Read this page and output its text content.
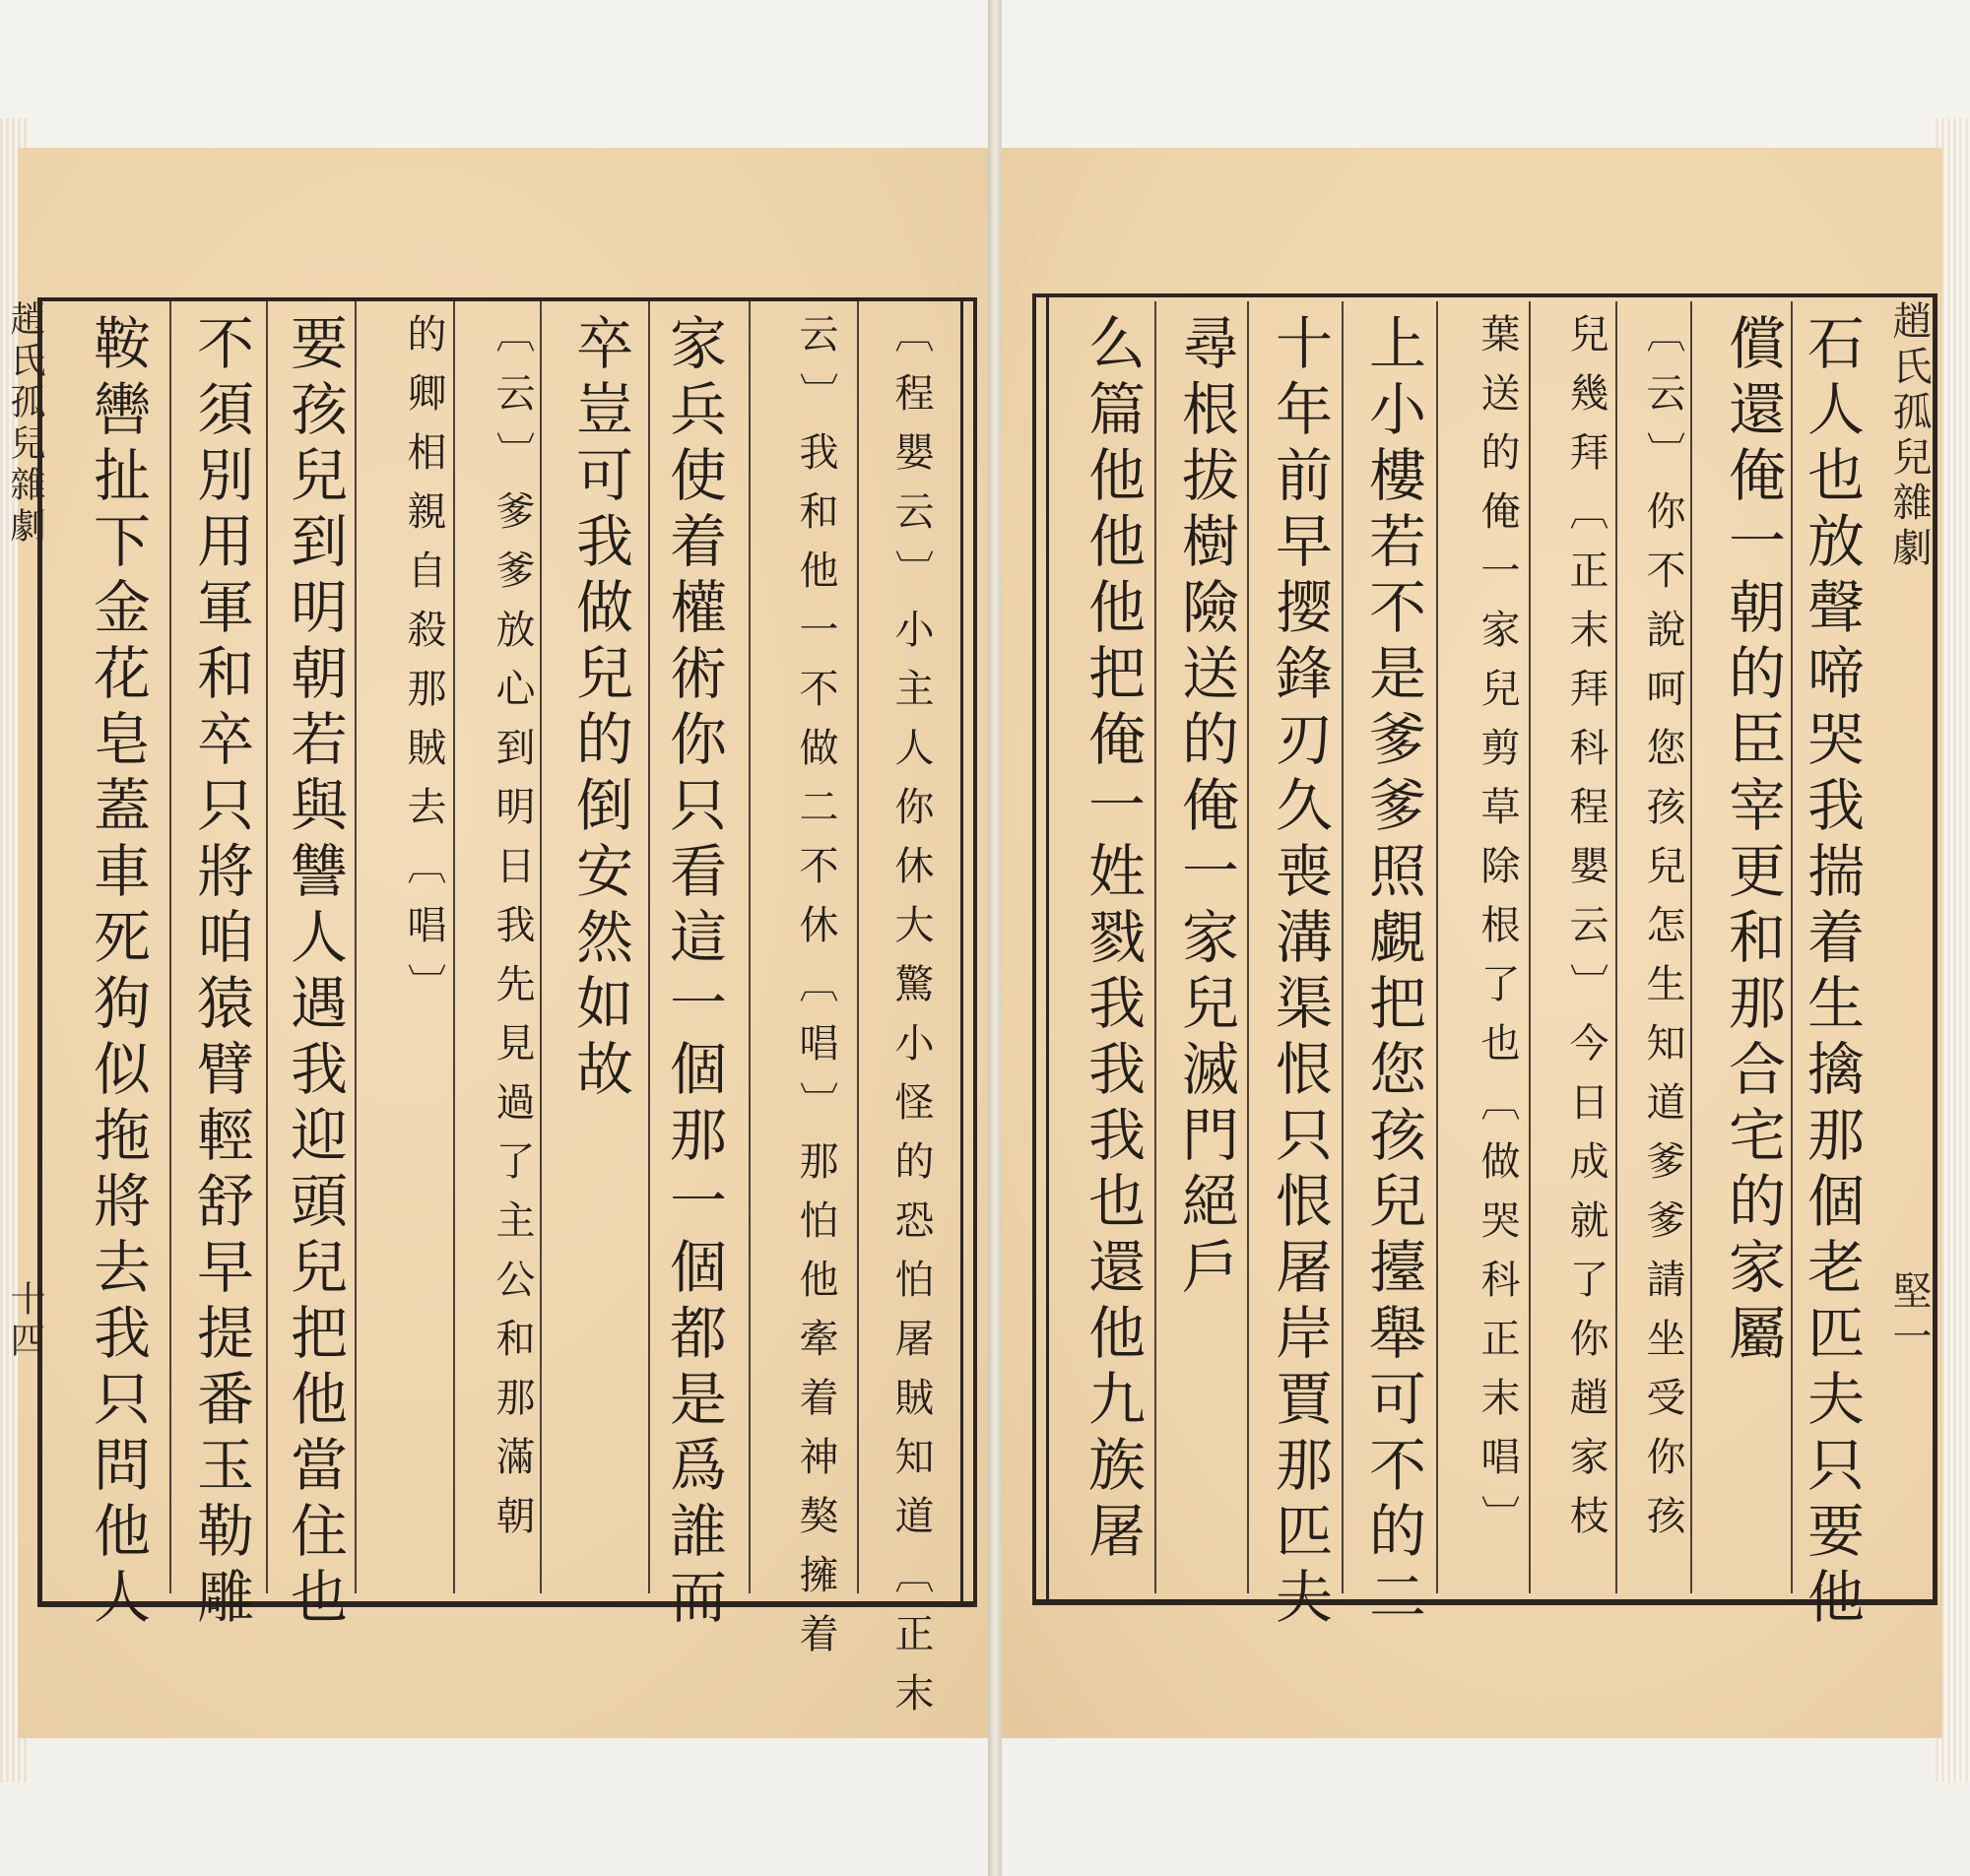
趙氏孤兒雜劇
堅一
石人也放聲啼哭我揣着生擒那個老匹夫只要他
償還俺一朝的臣宰更和那合宅的家屬
〔云〕你不說呵您孩兒怎生知道爹爹請坐受你孩
兒幾拜〔正末拜科程嬰云〕今日成就了你趙家枝
葉送的俺一家兒剪草除根了也〔做哭科正末唱〕
上小樓若不是爹爹照覷把您孩兒擡舉可不的二
十年前早撄鋒刃久喪溝渠恨只恨屠岸賈那匹夫
尋根拔樹險送的俺一家兒滅門絕戶
么篇他他他把俺一姓戮我我我也還他九族屠
趙氏孤兒雜劇
十四	〔程嬰云〕小主人你休大驚小怪的恐怕屠賊知道〔正末
云〕我和他一不做二不休〔唱〕那怕他牽着神獒擁着
家兵使着權術你只看這一個那一個都是爲誰而
卒豈可我做兒的倒安然如故
〔云〕爹爹放心到明日我先見過了主公和那滿朝
的卿相親自殺那賊去〔唱〕
要孩兒到明朝若與讐人遇我迎頭兒把他當住也
不須別用軍和卒只將咱猿臂輕舒早提番玉勒雕
鞍轡扯下金花皂蓋車死狗似拖將去我只問他人
